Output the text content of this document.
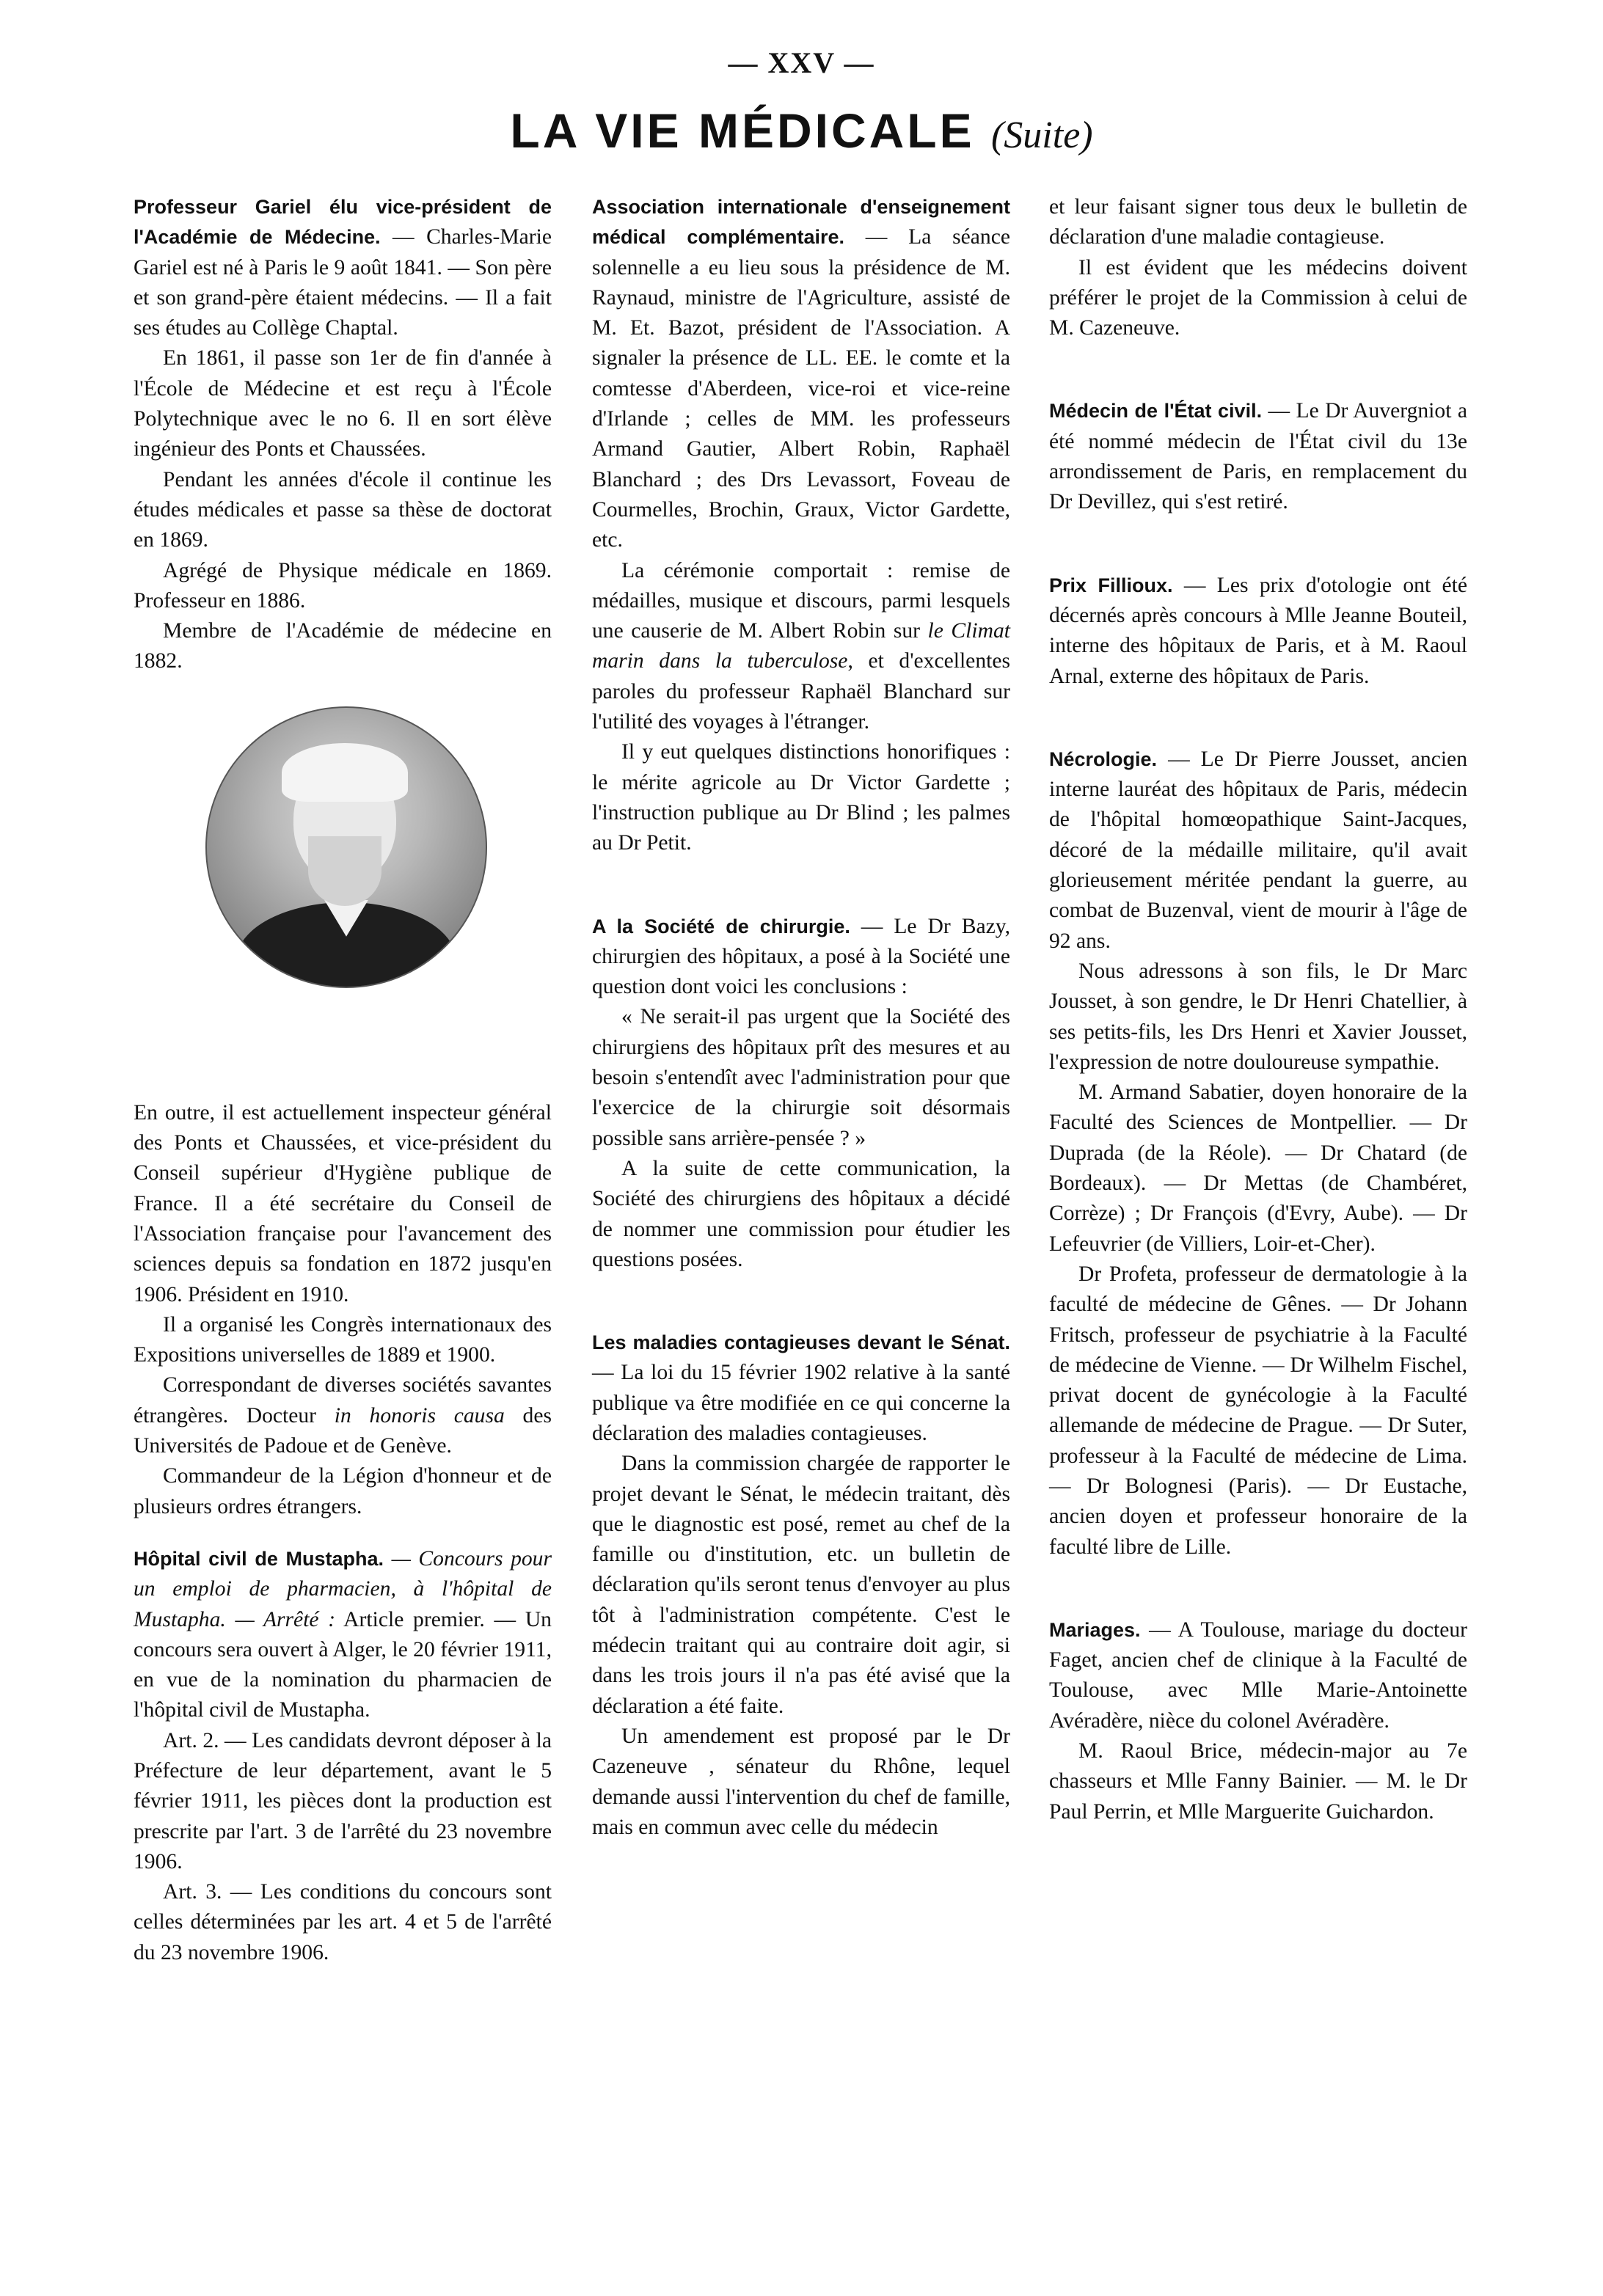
— XXV —
LA VIE MÉDICALE (Suite)

Professeur Gariel élu vice-président de l'Académie de Médecine. — Charles-Marie Gariel est né à Paris le 9 août 1841. — Son père et son grand-père étaient médecins. — Il a fait ses études au Collège Chaptal.

En 1861, il passe son 1er de fin d'année à l'École de Médecine et est reçu à l'École Polytechnique avec le no 6. Il en sort élève ingénieur des Ponts et Chaussées.

Pendant les années d'école il continue les études médicales et passe sa thèse de doctorat en 1869.

Agrégé de Physique médicale en 1869. Professeur en 1886.

Membre de l'Académie de médecine en 1882.

En outre, il est actuellement inspecteur général des Ponts et Chaussées, et vice-président du Conseil supérieur d'Hygiène publique de France. Il a été secrétaire du Conseil de l'Association française pour l'avancement des sciences depuis sa fondation en 1872 jusqu'en 1906. Président en 1910.

Il a organisé les Congrès internationaux des Expositions universelles de 1889 et 1900.

Correspondant de diverses sociétés savantes étrangères. Docteur in honoris causa des Universités de Padoue et de Genève.

Commandeur de la Légion d'honneur et de plusieurs ordres étrangers.

Hôpital civil de Mustapha. — Concours pour un emploi de pharmacien, à l'hôpital de Mustapha. — Arrêté : Article premier. — Un concours sera ouvert à Alger, le 20 février 1911, en vue de la nomination du pharmacien de l'hôpital civil de Mustapha.

Art. 2. — Les candidats devront déposer à la Préfecture de leur département, avant le 5 février 1911, les pièces dont la production est prescrite par l'art. 3 de l'arrêté du 23 novembre 1906.

Art. 3. — Les conditions du concours sont celles déterminées par les art. 4 et 5 de l'arrêté du 23 novembre 1906.

Association internationale d'enseignement médical complémentaire. — La séance solennelle a eu lieu sous la présidence de M. Raynaud, ministre de l'Agriculture, assisté de M. Et. Bazot, président de l'Association. A signaler la présence de LL. EE. le comte et la comtesse d'Aberdeen, vice-roi et vice-reine d'Irlande ; celles de MM. les professeurs Armand Gautier, Albert Robin, Raphaël Blanchard ; des Drs Levassort, Foveau de Courmelles, Brochin, Graux, Victor Gardette, etc.

La cérémonie comportait : remise de médailles, musique et discours, parmi lesquels une causerie de M. Albert Robin sur le Climat marin dans la tuberculose, et d'excellentes paroles du professeur Raphaël Blanchard sur l'utilité des voyages à l'étranger.

Il y eut quelques distinctions honorifiques : le mérite agricole au Dr Victor Gardette ; l'instruction publique au Dr Blind ; les palmes au Dr Petit.

A la Société de chirurgie. — Le Dr Bazy, chirurgien des hôpitaux, a posé à la Société une question dont voici les conclusions :

« Ne serait-il pas urgent que la Société des chirurgiens des hôpitaux prît des mesures et au besoin s'entendît avec l'administration pour que l'exercice de la chirurgie soit désormais possible sans arrière-pensée ? »

A la suite de cette communication, la Société des chirurgiens des hôpitaux a décidé de nommer une commission pour étudier les questions posées.

Les maladies contagieuses devant le Sénat. — La loi du 15 février 1902 relative à la santé publique va être modifiée en ce qui concerne la déclaration des maladies contagieuses.

Dans la commission chargée de rapporter le projet devant le Sénat, le médecin traitant, dès que le diagnostic est posé, remet au chef de la famille ou d'institution, etc. un bulletin de déclaration qu'ils seront tenus d'envoyer au plus tôt à l'administration compétente. C'est le médecin traitant qui au contraire doit agir, si dans les trois jours il n'a pas été avisé que la déclaration a été faite.

Un amendement est proposé par le Dr Cazeneuve , sénateur du Rhône, lequel demande aussi l'intervention du chef de famille, mais en commun avec celle du médecin

et leur faisant signer tous deux le bulletin de déclaration d'une maladie contagieuse.

Il est évident que les médecins doivent préférer le projet de la Commission à celui de M. Cazeneuve.

Médecin de l'État civil. — Le Dr Auvergniot a été nommé médecin de l'État civil du 13e arrondissement de Paris, en remplacement du Dr Devillez, qui s'est retiré.

Prix Fillioux. — Les prix d'otologie ont été décernés après concours à Mlle Jeanne Bouteil, interne des hôpitaux de Paris, et à M. Raoul Arnal, externe des hôpitaux de Paris.

Nécrologie. — Le Dr Pierre Jousset, ancien interne lauréat des hôpitaux de Paris, médecin de l'hôpital homœopathique Saint-Jacques, décoré de la médaille militaire, qu'il avait glorieusement méritée pendant la guerre, au combat de Buzenval, vient de mourir à l'âge de 92 ans.

Nous adressons à son fils, le Dr Marc Jousset, à son gendre, le Dr Henri Chatellier, à ses petits-fils, les Drs Henri et Xavier Jousset, l'expression de notre douloureuse sympathie.

M. Armand Sabatier, doyen honoraire de la Faculté des Sciences de Montpellier. — Dr Duprada (de la Réole). — Dr Chatard (de Bordeaux). — Dr Mettas (de Chambéret, Corrèze) ; Dr François (d'Evry, Aube). — Dr Lefeuvrier (de Villiers, Loir-et-Cher).

Dr Profeta, professeur de dermatologie à la faculté de médecine de Gênes. — Dr Johann Fritsch, professeur de psychiatrie à la Faculté de médecine de Vienne. — Dr Wilhelm Fischel, privat docent de gynécologie à la Faculté allemande de médecine de Prague. — Dr Suter, professeur à la Faculté de médecine de Lima. — Dr Bolognesi (Paris). — Dr Eustache, ancien doyen et professeur honoraire de la faculté libre de Lille.

Mariages. — A Toulouse, mariage du docteur Faget, ancien chef de clinique à la Faculté de Toulouse, avec Mlle Marie-Antoinette Avéradère, nièce du colonel Avéradère.

M. Raoul Brice, médecin-major au 7e chasseurs et Mlle Fanny Bainier. — M. le Dr Paul Perrin, et Mlle Marguerite Guichardon.
